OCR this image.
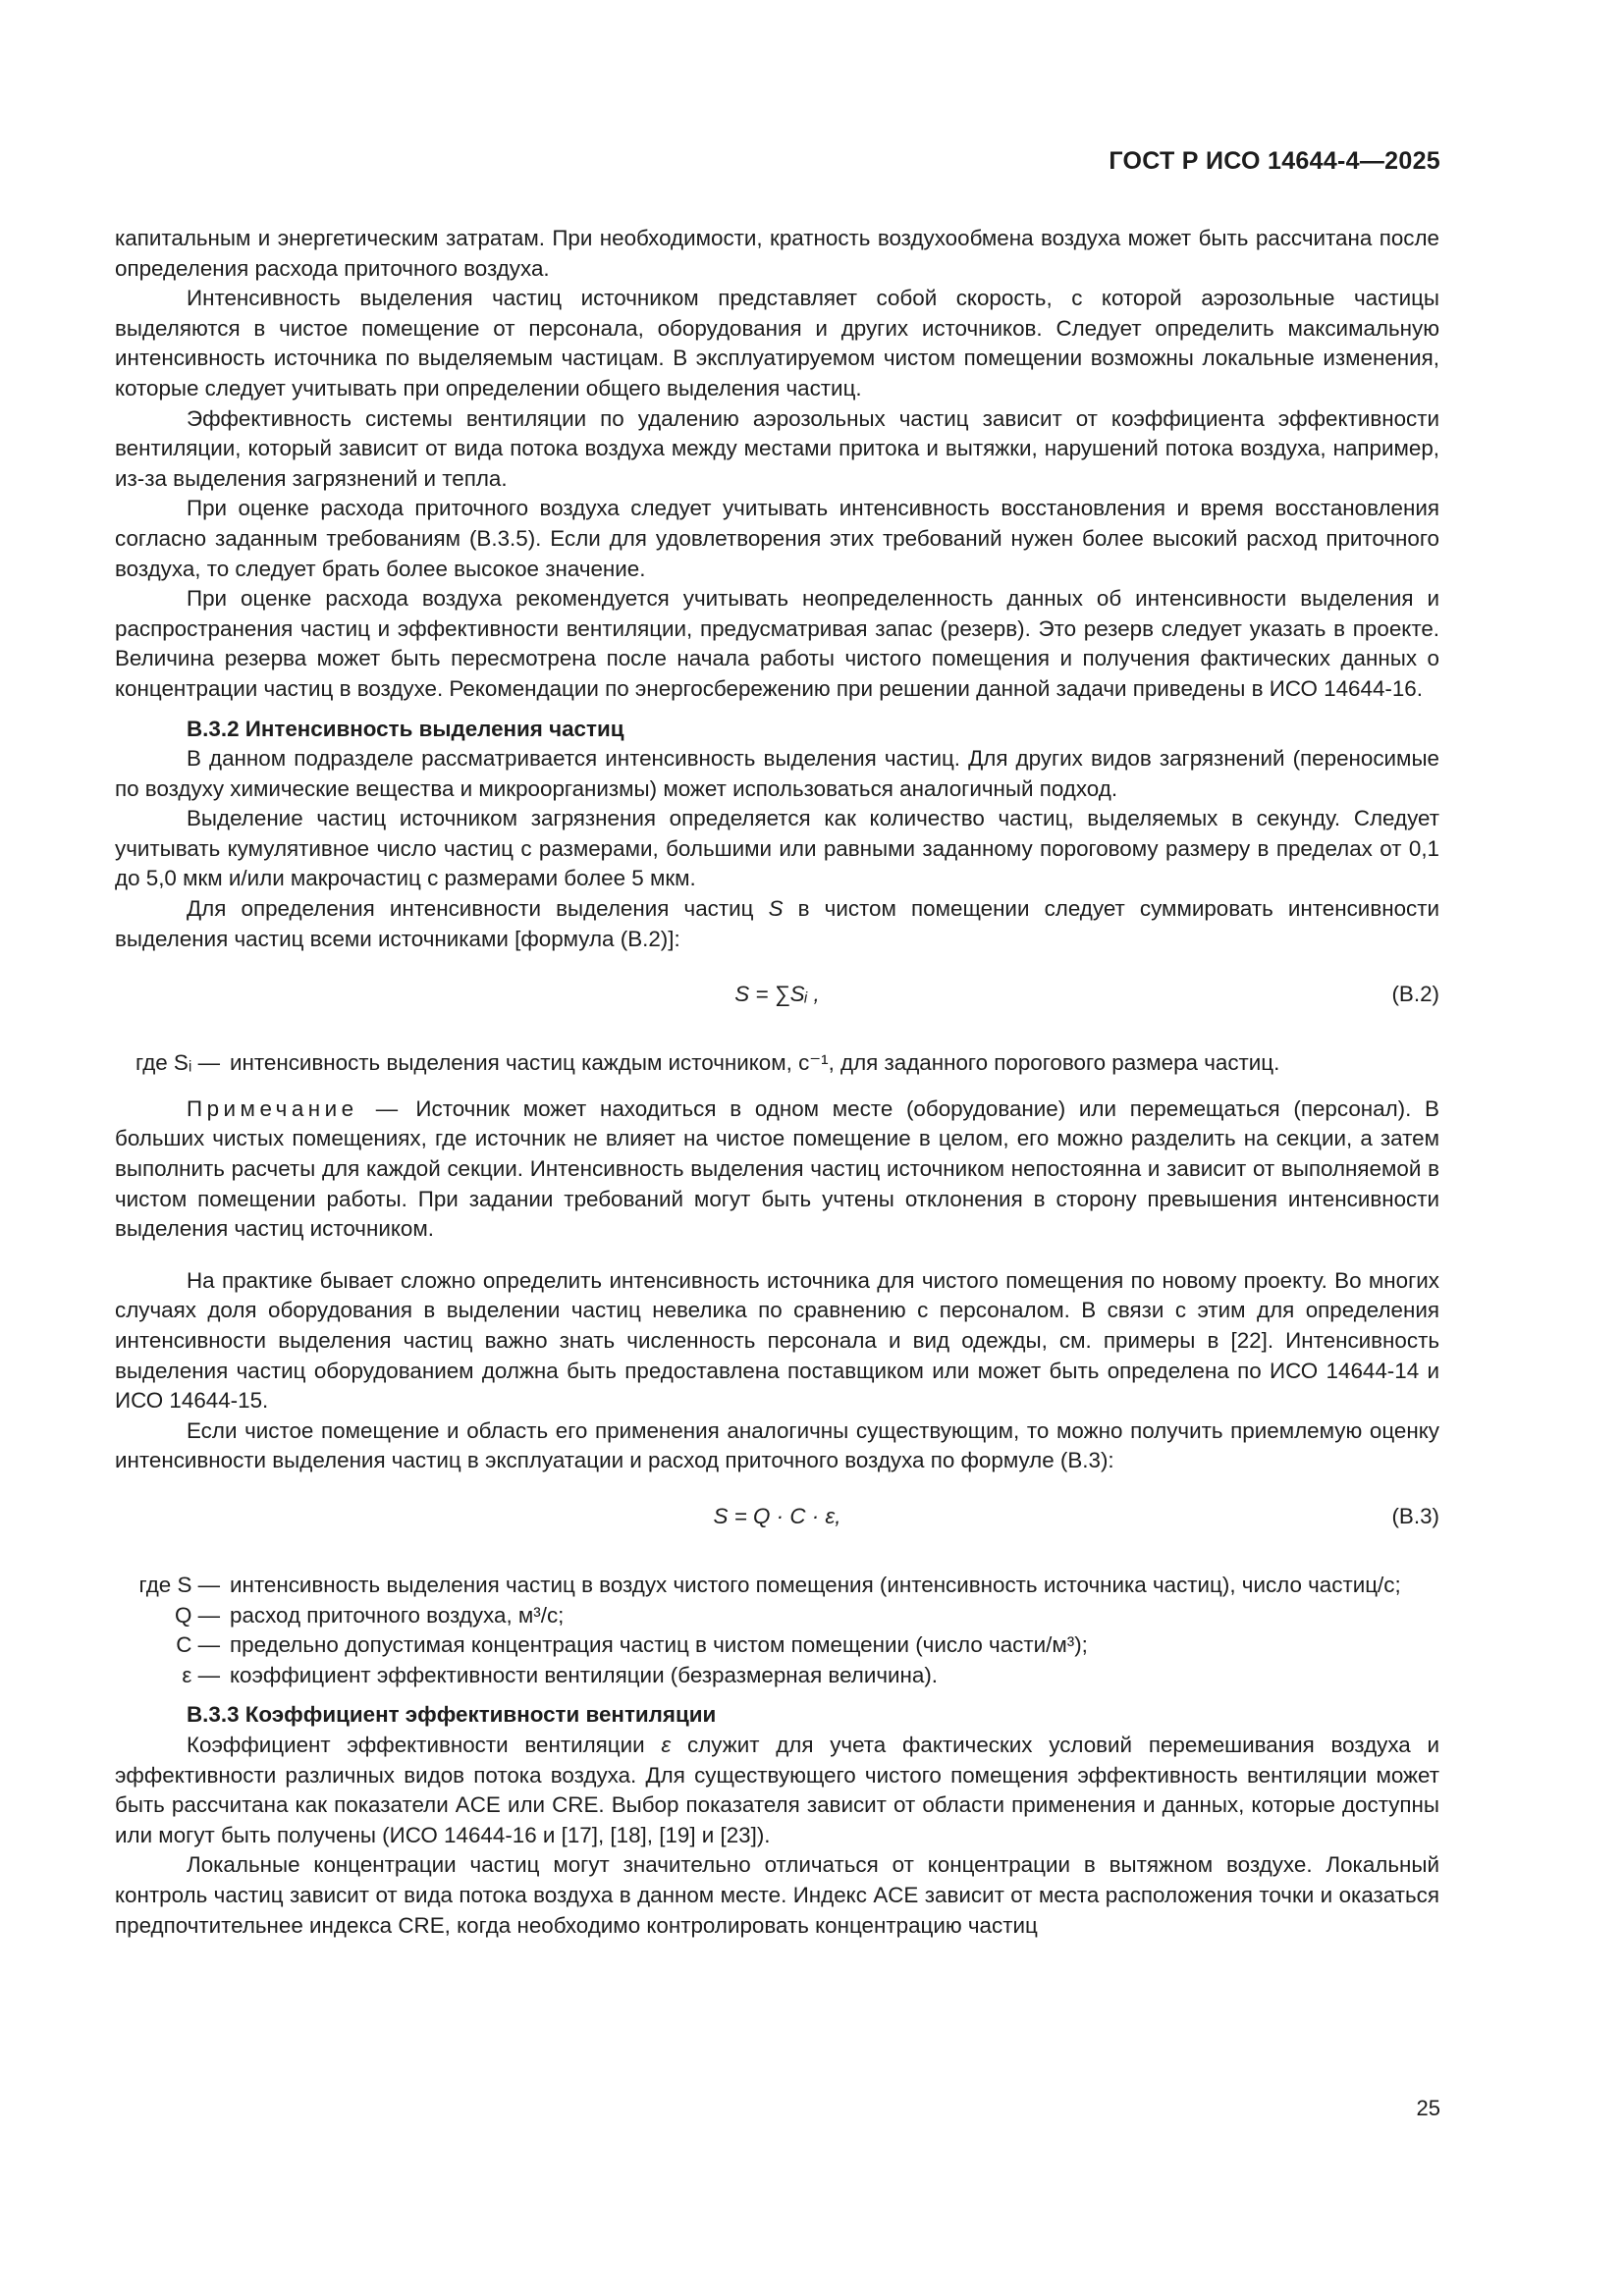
ГОСТ Р ИСО 14644-4—2025

капитальным и энергетическим затратам. При необходимости, кратность воздухообмена воздуха может быть рассчитана после определения расхода приточного воздуха.

Интенсивность выделения частиц источником представляет собой скорость, с которой аэрозольные частицы выделяются в чистое помещение от персонала, оборудования и других источников. Следует определить максимальную интенсивность источника по выделяемым частицам. В эксплуатируемом чистом помещении возможны локальные изменения, которые следует учитывать при определении общего выделения частиц.

Эффективность системы вентиляции по удалению аэрозольных частиц зависит от коэффициента эффективности вентиляции, который зависит от вида потока воздуха между местами притока и вытяжки, нарушений потока воздуха, например, из-за выделения загрязнений и тепла.

При оценке расхода приточного воздуха следует учитывать интенсивность восстановления и время восстановления согласно заданным требованиям (В.3.5). Если для удовлетворения этих требований нужен более высокий расход приточного воздуха, то следует брать более высокое значение.

При оценке расхода воздуха рекомендуется учитывать неопределенность данных об интенсивности выделения и распространения частиц и эффективности вентиляции, предусматривая запас (резерв). Это резерв следует указать в проекте. Величина резерва может быть пересмотрена после начала работы чистого помещения и получения фактических данных о концентрации частиц в воздухе. Рекомендации по энергосбережению при решении данной задачи приведены в ИСО 14644-16.

В.3.2 Интенсивность выделения частиц

В данном подразделе рассматривается интенсивность выделения частиц. Для других видов загрязнений (переносимые по воздуху химические вещества и микроорганизмы) может использоваться аналогичный подход.

Выделение частиц источником загрязнения определяется как количество частиц, выделяемых в секунду. Следует учитывать кумулятивное число частиц с размерами, большими или равными заданному пороговому размеру в пределах от 0,1 до 5,0 мкм и/или макрочастиц с размерами более 5 мкм.

Для определения интенсивности выделения частиц S в чистом помещении следует суммировать интенсивности выделения частиц всеми источниками [формула (В.2)]:

S = ∑Sᵢ ,	(В.2)
где Sᵢ — интенсивность выделения частиц каждым источником, с⁻¹, для заданного порогового размера частиц.

Примечание — Источник может находиться в одном месте (оборудование) или перемещаться (персонал). В больших чистых помещениях, где источник не влияет на чистое помещение в целом, его можно разделить на секции, а затем выполнить расчеты для каждой секции. Интенсивность выделения частиц источником непостоянна и зависит от выполняемой в чистом помещении работы. При задании требований могут быть учтены отклонения в сторону превышения интенсивности выделения частиц источником.

На практике бывает сложно определить интенсивность источника для чистого помещения по новому проекту. Во многих случаях доля оборудования в выделении частиц невелика по сравнению с персоналом. В связи с этим для определения интенсивности выделения частиц важно знать численность персонала и вид одежды, см. примеры в [22]. Интенсивность выделения частиц оборудованием должна быть предоставлена поставщиком или может быть определена по ИСО 14644-14 и ИСО 14644-15.

Если чистое помещение и область его применения аналогичны существующим, то можно получить приемлемую оценку интенсивности выделения частиц в эксплуатации и расход приточного воздуха по формуле (В.3):

S = Q · C · ε,	(В.3)
где S — интенсивность выделения частиц в воздух чистого помещения (интенсивность источника частиц), число частиц/с;
Q — расход приточного воздуха, м³/с;
C — предельно допустимая концентрация частиц в чистом помещении (число части/м³);
ε — коэффициент эффективности вентиляции (безразмерная величина).

В.3.3 Коэффициент эффективности вентиляции

Коэффициент эффективности вентиляции ε служит для учета фактических условий перемешивания воздуха и эффективности различных видов потока воздуха. Для существующего чистого помещения эффективность вентиляции может быть рассчитана как показатели ACE или CRE. Выбор показателя зависит от области применения и данных, которые доступны или могут быть получены (ИСО 14644-16 и [17], [18], [19] и [23]).

Локальные концентрации частиц могут значительно отличаться от концентрации в вытяжном воздухе. Локальный контроль частиц зависит от вида потока воздуха в данном месте. Индекс ACE зависит от места расположения точки и оказаться предпочтительнее индекса CRE, когда необходимо контролировать концентрацию частиц

25
